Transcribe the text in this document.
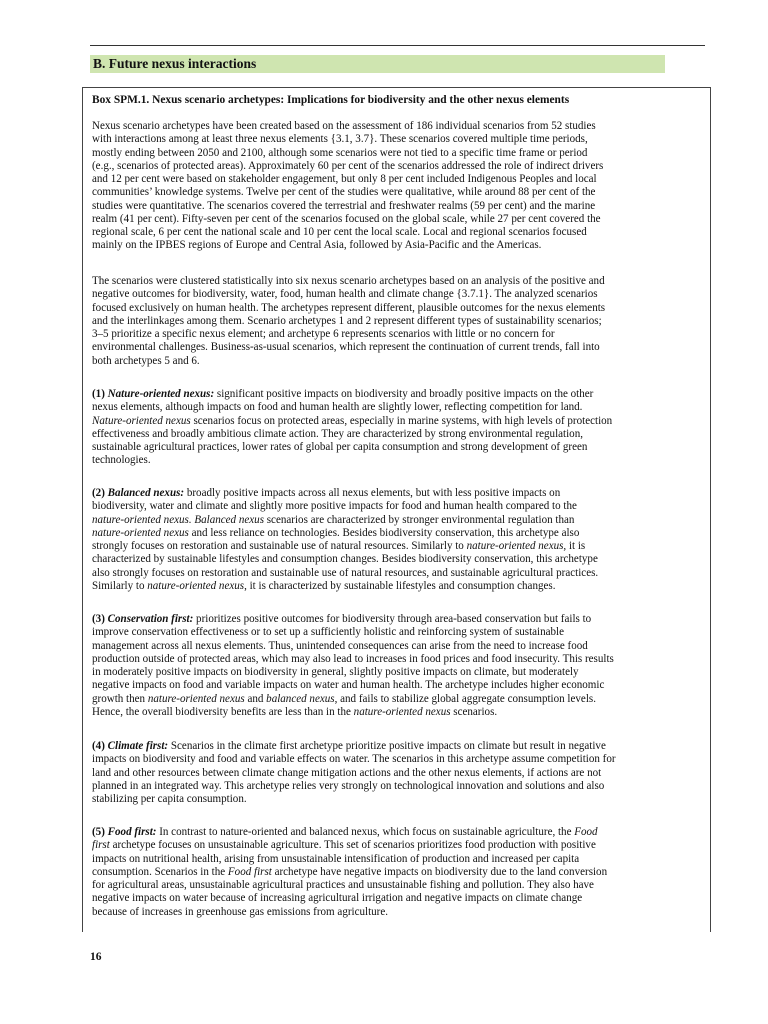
B. Future nexus interactions
Box SPM.1. Nexus scenario archetypes: Implications for biodiversity and the other nexus elements
Nexus scenario archetypes have been created based on the assessment of 186 individual scenarios from 52 studies
with interactions among at least three nexus elements {3.1, 3.7}. These scenarios covered multiple time periods,
mostly ending between 2050 and 2100, although some scenarios were not tied to a specific time frame or period
(e.g., scenarios of protected areas). Approximately 60 per cent of the scenarios addressed the role of indirect drivers
and 12 per cent were based on stakeholder engagement, but only 8 per cent included Indigenous Peoples and local
communities’ knowledge systems. Twelve per cent of the studies were qualitative, while around 88 per cent of the
studies were quantitative. The scenarios covered the terrestrial and freshwater realms (59 per cent) and the marine
realm (41 per cent). Fifty-seven per cent of the scenarios focused on the global scale, while 27 per cent covered the
regional scale, 6 per cent the national scale and 10 per cent the local scale. Local and regional scenarios focused
mainly on the IPBES regions of Europe and Central Asia, followed by Asia-Pacific and the Americas.
The scenarios were clustered statistically into six nexus scenario archetypes based on an analysis of the positive and
negative outcomes for biodiversity, water, food, human health and climate change {3.7.1}. The analyzed scenarios
focused exclusively on human health. The archetypes represent different, plausible outcomes for the nexus elements
and the interlinkages among them. Scenario archetypes 1 and 2 represent different types of sustainability scenarios;
3–5 prioritize a specific nexus element; and archetype 6 represents scenarios with little or no concern for
environmental challenges. Business-as-usual scenarios, which represent the continuation of current trends, fall into
both archetypes 5 and 6.
(1) Nature-oriented nexus: significant positive impacts on biodiversity and broadly positive impacts on the other
nexus elements, although impacts on food and human health are slightly lower, reflecting competition for land.
Nature-oriented nexus scenarios focus on protected areas, especially in marine systems, with high levels of protection
effectiveness and broadly ambitious climate action. They are characterized by strong environmental regulation,
sustainable agricultural practices, lower rates of global per capita consumption and strong development of green
technologies.
(2) Balanced nexus: broadly positive impacts across all nexus elements, but with less positive impacts on
biodiversity, water and climate and slightly more positive impacts for food and human health compared to the
nature-oriented nexus. Balanced nexus scenarios are characterized by stronger environmental regulation than
nature-oriented nexus and less reliance on technologies. Besides biodiversity conservation, this archetype also
strongly focuses on restoration and sustainable use of natural resources. Similarly to nature-oriented nexus, it is
characterized by sustainable lifestyles and consumption changes. Besides biodiversity conservation, this archetype
also strongly focuses on restoration and sustainable use of natural resources, and sustainable agricultural practices.
Similarly to nature-oriented nexus, it is characterized by sustainable lifestyles and consumption changes.
(3) Conservation first: prioritizes positive outcomes for biodiversity through area-based conservation but fails to
improve conservation effectiveness or to set up a sufficiently holistic and reinforcing system of sustainable
management across all nexus elements. Thus, unintended consequences can arise from the need to increase food
production outside of protected areas, which may also lead to increases in food prices and food insecurity. This results
in moderately positive impacts on biodiversity in general, slightly positive impacts on climate, but moderately
negative impacts on food and variable impacts on water and human health. The archetype includes higher economic
growth then nature-oriented nexus and balanced nexus, and fails to stabilize global aggregate consumption levels.
Hence, the overall biodiversity benefits are less than in the nature-oriented nexus scenarios.
(4) Climate first: Scenarios in the climate first archetype prioritize positive impacts on climate but result in negative
impacts on biodiversity and food and variable effects on water. The scenarios in this archetype assume competition for
land and other resources between climate change mitigation actions and the other nexus elements, if actions are not
planned in an integrated way. This archetype relies very strongly on technological innovation and solutions and also
stabilizing per capita consumption.
(5) Food first: In contrast to nature-oriented and balanced nexus, which focus on sustainable agriculture, the Food
first archetype focuses on unsustainable agriculture. This set of scenarios prioritizes food production with positive
impacts on nutritional health, arising from unsustainable intensification of production and increased per capita
consumption. Scenarios in the Food first archetype have negative impacts on biodiversity due to the land conversion
for agricultural areas, unsustainable agricultural practices and unsustainable fishing and pollution. They also have
negative impacts on water because of increasing agricultural irrigation and negative impacts on climate change
because of increases in greenhouse gas emissions from agriculture.
16
